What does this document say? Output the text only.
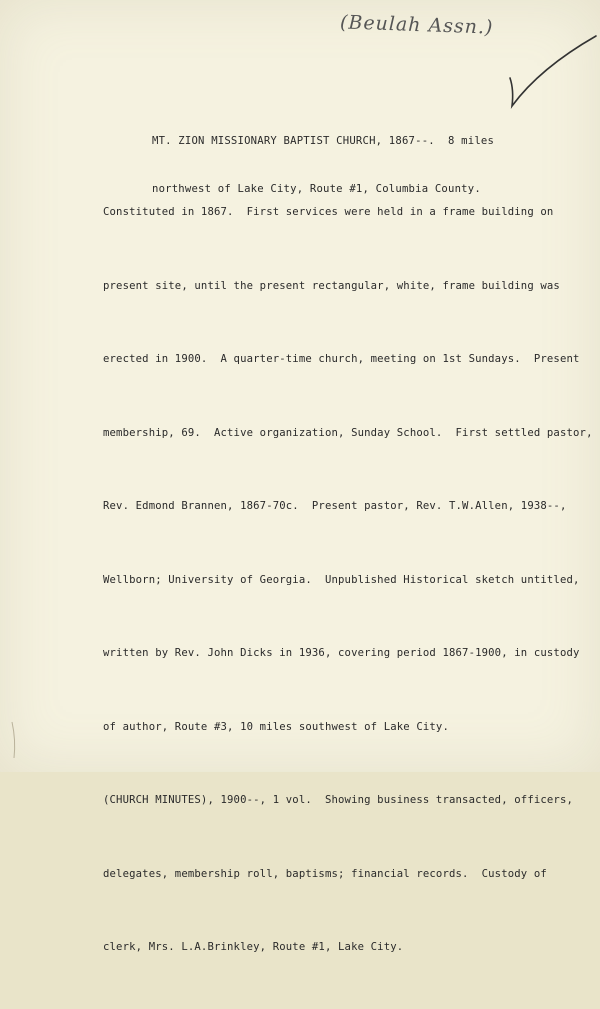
(Beulah Assn.)

MT. ZION MISSIONARY BAPTIST CHURCH, 1867--.  8 miles

northwest of Lake City, Route #1, Columbia County.

Constituted in 1867.  First services were held in a frame building on

present site, until the present rectangular, white, frame building was

erected in 1900.  A quarter-time church, meeting on 1st Sundays.  Present

membership, 69.  Active organization, Sunday School.  First settled pastor,

Rev. Edmond Brannen, 1867-70c.  Present pastor, Rev. T.W.Allen, 1938--,

Wellborn; University of Georgia.  Unpublished Historical sketch untitled,

written by Rev. John Dicks in 1936, covering period 1867-1900, in custody

of author, Route #3, 10 miles southwest of Lake City.

(CHURCH MINUTES), 1900--, 1 vol.  Showing business transacted, officers,

delegates, membership roll, baptisms; financial records.  Custody of

clerk, Mrs. L.A.Brinkley, Route #1, Lake City.
